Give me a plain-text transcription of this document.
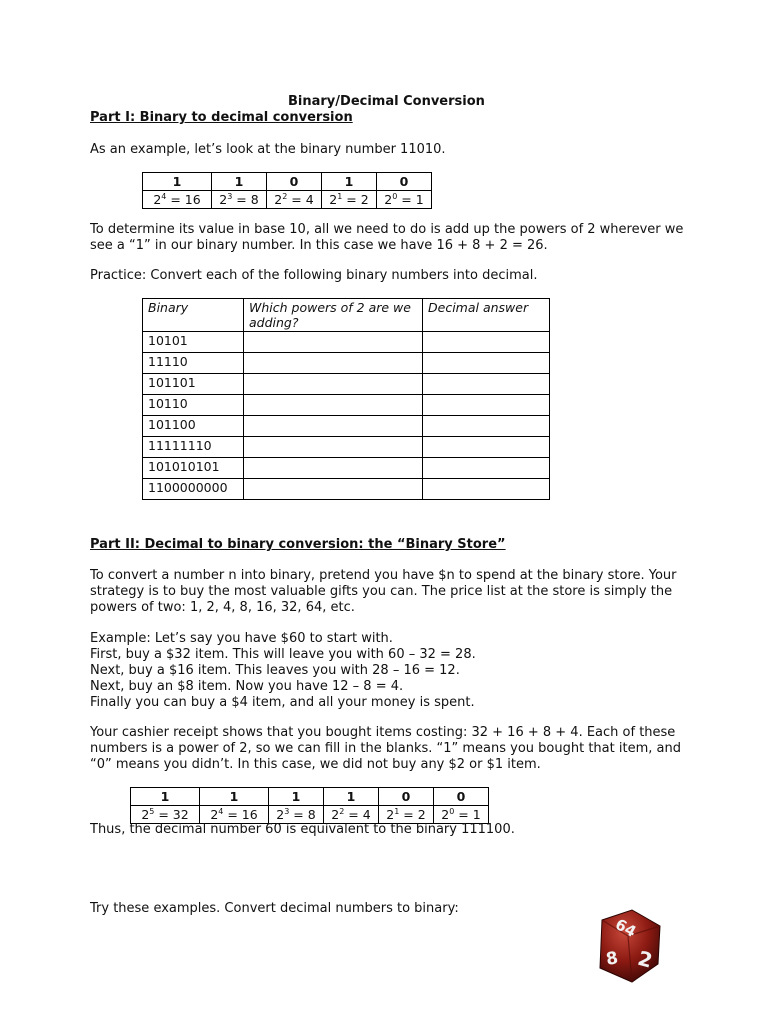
Binary/Decimal Conversion
Part I: Binary to decimal conversion
As an example, let’s look at the binary number 11010.
1	1	0	1	0
$2^4 = 16$	$2^3 = 8$	$2^2 = 4$	$2^1 = 2$	$2^0 = 1$
To determine its value in base 10, all we need to do is add up the powers of 2 wherever we
see a “1” in our binary number. In this case we have 16 + 8 + 2 = 26.
Practice: Convert each of the following binary numbers into decimal.
Binary	Which powers of 2 are we adding?	Decimal answer
10101		
11110		
101101		
10110		
101100		
11111110		
101010101		
1100000000		
Part II: Decimal to binary conversion: the “Binary Store”
To convert a number n into binary, pretend you have $n to spend at the binary store. Your
strategy is to buy the most valuable gifts you can. The price list at the store is simply the
powers of two: 1, 2, 4, 8, 16, 32, 64, etc.
Example: Let’s say you have $60 to start with.
First, buy a $32 item. This will leave you with 60 – 32 = 28.
Next, buy a $16 item. This leaves you with 28 – 16 = 12.
Next, buy an $8 item. Now you have 12 – 8 = 4.
Finally you can buy a $4 item, and all your money is spent.
Your cashier receipt shows that you bought items costing: 32 + 16 + 8 + 4. Each of these
numbers is a power of 2, so we can fill in the blanks. “1” means you bought that item, and
“0” means you didn’t. In this case, we did not buy any $2 or $1 item.
1	1	1	1	0	0
$2^5 = 32$	$2^4 = 16$	$2^3 = 8$	$2^2 = 4$	$2^1 = 2$	$2^0 = 1$
Thus, the decimal number 60 is equivalent to the binary 111100.
Try these examples. Convert decimal numbers to binary:
64
8 2
